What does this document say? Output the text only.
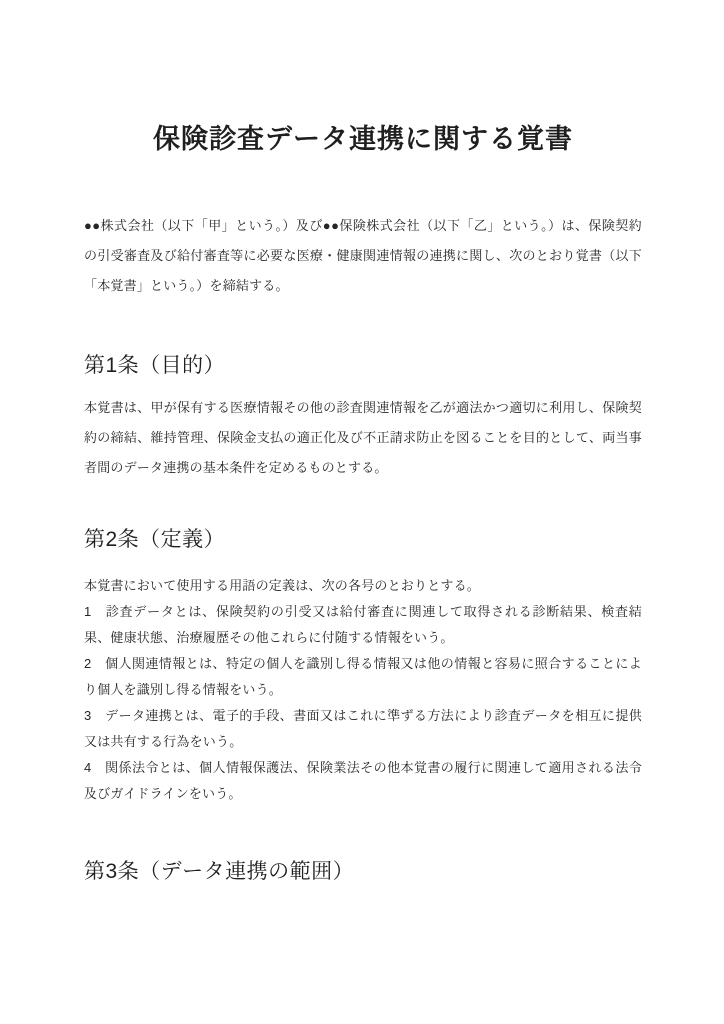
保険診査データ連携に関する覚書

●●株式会社（以下「甲」という。）及び●●保険株式会社（以下「乙」という。）は、保険契約の引受審査及び給付審査等に必要な医療・健康関連情報の連携に関し、次のとおり覚書（以下「本覚書」という。）を締結する。

第1条（目的）

本覚書は、甲が保有する医療情報その他の診査関連情報を乙が適法かつ適切に利用し、保険契約の締結、維持管理、保険金支払の適正化及び不正請求防止を図ることを目的として、両当事者間のデータ連携の基本条件を定めるものとする。

第2条（定義）

本覚書において使用する用語の定義は、次の各号のとおりとする。

1　診査データとは、保険契約の引受又は給付審査に関連して取得される診断結果、検査結果、健康状態、治療履歴その他これらに付随する情報をいう。

2　個人関連情報とは、特定の個人を識別し得る情報又は他の情報と容易に照合することにより個人を識別し得る情報をいう。

3　データ連携とは、電子的手段、書面又はこれに準ずる方法により診査データを相互に提供又は共有する行為をいう。

4　関係法令とは、個人情報保護法、保険業法その他本覚書の履行に関連して適用される法令及びガイドラインをいう。

第3条（データ連携の範囲）
